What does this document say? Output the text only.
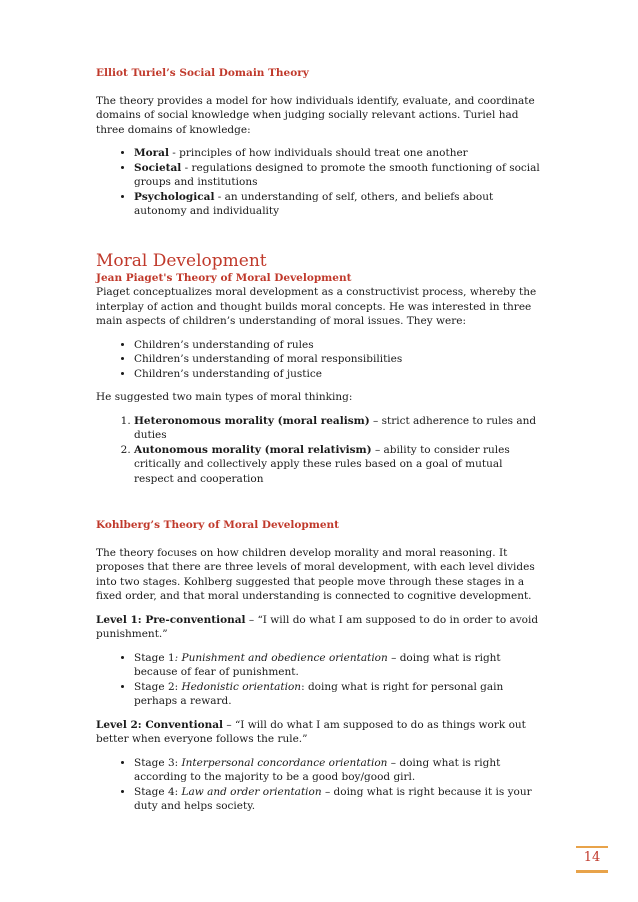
Elliot Turiel’s Social Domain Theory

The theory provides a model for how individuals identify, evaluate, and coordinate domains of social knowledge when judging socially relevant actions. Turiel had three domains of knowledge:

• Moral - principles of how individuals should treat one another
• Societal - regulations designed to promote the smooth functioning of social groups and institutions
• Psychological - an understanding of self, others, and beliefs about autonomy and individuality

Moral Development

Jean Piaget's Theory of Moral Development

Piaget conceptualizes moral development as a constructivist process, whereby the interplay of action and thought builds moral concepts. He was interested in three main aspects of children’s understanding of moral issues. They were:

• Children’s understanding of rules
• Children’s understanding of moral responsibilities
• Children’s understanding of justice

He suggested two main types of moral thinking:

1. Heteronomous morality (moral realism) – strict adherence to rules and duties
2. Autonomous morality (moral relativism) – ability to consider rules critically and collectively apply these rules based on a goal of mutual respect and cooperation

Kohlberg’s Theory of Moral Development

The theory focuses on how children develop morality and moral reasoning. It proposes that there are three levels of moral development, with each level divides into two stages. Kohlberg suggested that people move through these stages in a fixed order, and that moral understanding is connected to cognitive development.

Level 1: Pre-conventional – “I will do what I am supposed to do in order to avoid punishment.”

• Stage 1: Punishment and obedience orientation – doing what is right because of fear of punishment.
• Stage 2: Hedonistic orientation: doing what is right for personal gain perhaps a reward.

Level 2: Conventional – “I will do what I am supposed to do as things work out better when everyone follows the rule.”

• Stage 3: Interpersonal concordance orientation – doing what is right according to the majority to be a good boy/good girl.
• Stage 4: Law and order orientation – doing what is right because it is your duty and helps society.
14
